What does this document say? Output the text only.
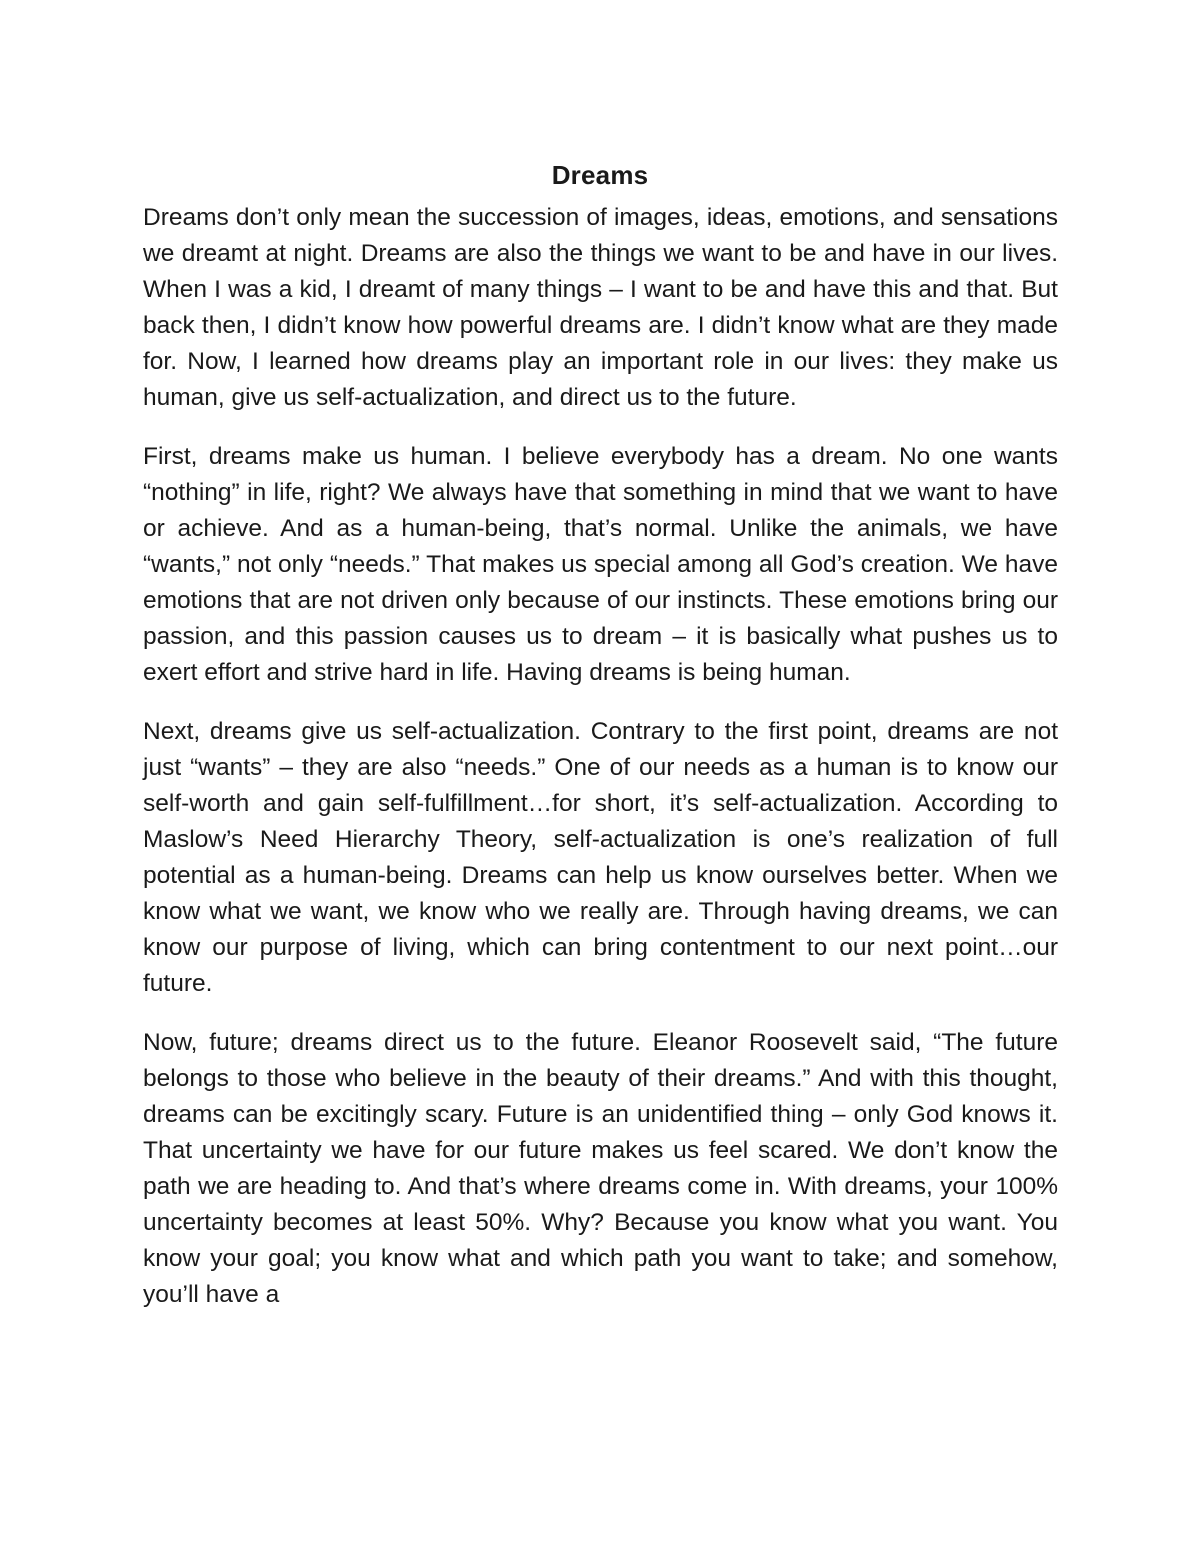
Dreams

Dreams don’t only mean the succession of images, ideas, emotions, and sensations we dreamt at night. Dreams are also the things we want to be and have in our lives. When I was a kid, I dreamt of many things – I want to be and have this and that. But back then, I didn’t know how powerful dreams are. I didn’t know what are they made for. Now, I learned how dreams play an important role in our lives: they make us human, give us self-actualization, and direct us to the future.

First, dreams make us human. I believe everybody has a dream. No one wants “nothing” in life, right? We always have that something in mind that we want to have or achieve. And as a human-being, that’s normal. Unlike the animals, we have “wants,” not only “needs.” That makes us special among all God’s creation. We have emotions that are not driven only because of our instincts. These emotions bring our passion, and this passion causes us to dream – it is basically what pushes us to exert effort and strive hard in life. Having dreams is being human.

Next, dreams give us self-actualization. Contrary to the first point, dreams are not just “wants” – they are also “needs.” One of our needs as a human is to know our self-worth and gain self-fulfillment…for short, it’s self-actualization. According to Maslow’s Need Hierarchy Theory, self-actualization is one’s realization of full potential as a human-being. Dreams can help us know ourselves better. When we know what we want, we know who we really are. Through having dreams, we can know our purpose of living, which can bring contentment to our next point…our future.

Now, future; dreams direct us to the future. Eleanor Roosevelt said, “The future belongs to those who believe in the beauty of their dreams.” And with this thought, dreams can be excitingly scary. Future is an unidentified thing – only God knows it. That uncertainty we have for our future makes us feel scared. We don’t know the path we are heading to. And that’s where dreams come in. With dreams, your 100% uncertainty becomes at least 50%. Why? Because you know what you want. You know your goal; you know what and which path you want to take; and somehow, you’ll have a
